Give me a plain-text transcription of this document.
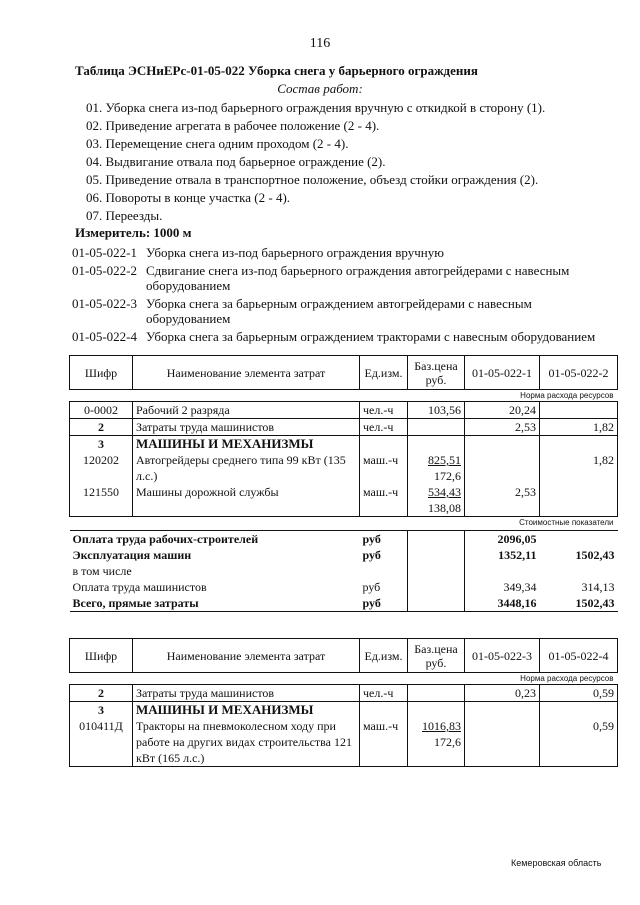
116
Таблица ЭСНиЕРс-01-05-022 Уборка снега у барьерного ограждения
Состав работ:
01. Уборка снега из-под барьерного ограждения вручную с откидкой в сторону (1).
02. Приведение агрегата в рабочее положение (2 - 4).
03. Перемещение снега одним проходом (2 - 4).
04. Выдвигание отвала под барьерное ограждение (2).
05. Приведение отвала в транспортное положение, объезд стойки ограждения (2).
06. Повороты в конце участка (2 - 4).
07. Переезды.
Измеритель: 1000 м
01-05-022-1 Уборка снега из-под барьерного ограждения вручную
01-05-022-2 Сдвигание снега из-под барьерного ограждения автогрейдерами с навесным оборудованием
01-05-022-3 Уборка снега за барьерным ограждением автогрейдерами с навесным оборудованием
01-05-022-4 Уборка снега за барьерным ограждением тракторами с навесным оборудованием
Шифр	Наименование элемента затрат	Ед.изм.	Баз.цена руб.	01-05-022-1	01-05-022-2
Норма расхода ресурсов					
0-0002	Рабочий 2 разряда	чел.-ч	103,56	20,24	
2	Затраты труда машинистов	чел.-ч		2,53	1,82
3	МАШИНЫ И МЕХАНИЗМЫ				
120202	Автогрейдеры среднего типа 99 кВт (135 л.с.)	маш.-ч	825,51
172,6		1,82
121550	Машины дорожной службы	маш.-ч	534,43
138,08	2,53	
Стоимостные показатели					
Оплата труда рабочих-строителей		руб		2096,05	
Эксплуатация машин		руб		1352,11	1502,43
в том числе					
Оплата труда машинистов		руб		349,34	314,13
Всего, прямые затраты		руб		3448,16	1502,43
Шифр	Наименование элемента затрат	Ед.изм.	Баз.цена руб.	01-05-022-3	01-05-022-4
Норма расхода ресурсов					
2	Затраты труда машинистов	чел.-ч		0,23	0,59
3	МАШИНЫ И МЕХАНИЗМЫ				
010411Д	Тракторы на пневмоколесном ходу при работе на других видах строительства 121 кВт (165 л.с.)	маш.-ч	1016,83
172,6		0,59
Кемеровская область
